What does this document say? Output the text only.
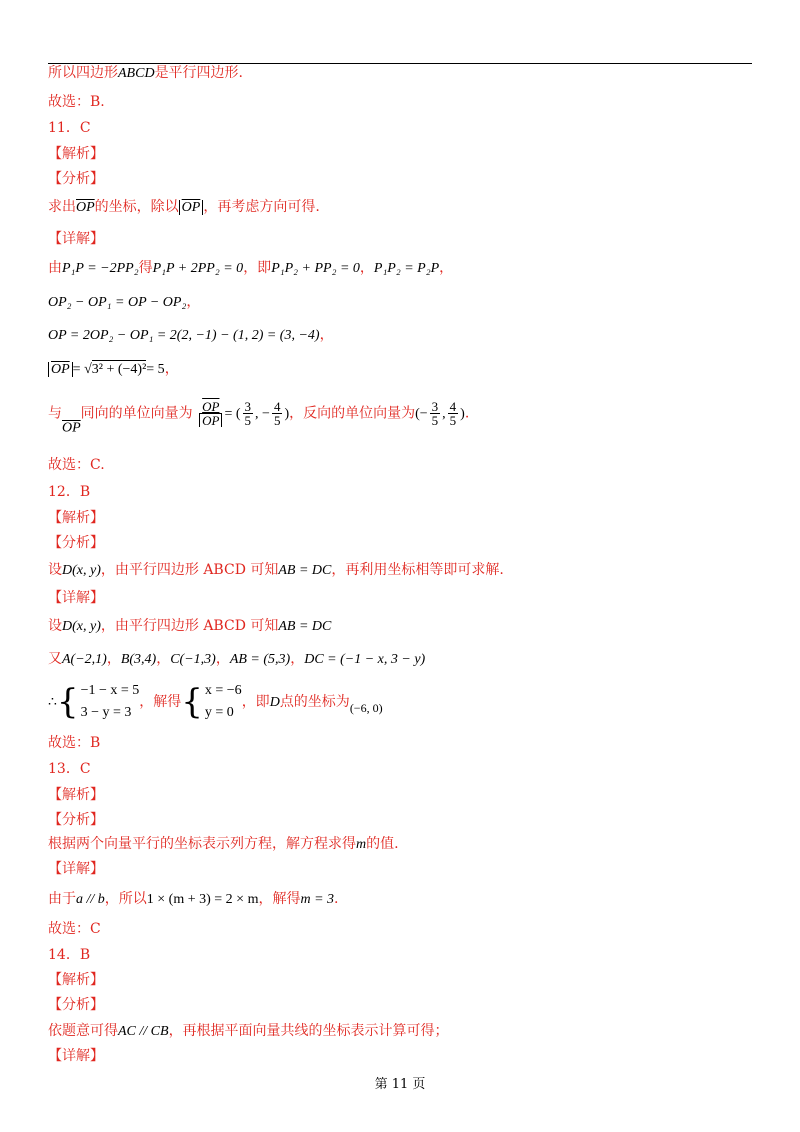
所以四边形ABCD是平行四边形.
故选：B.
11．C
【解析】
【分析】
求出$\overline{OP}$的坐标，除以 $\overline{OP}$ ，再考虑方向可得.
【详解】
由P₁P = −2PP₂得P₁P + 2PP₂ = 0，即P₁P₂ + PP₂ = 0，P₁P₂ = P₂P，
OP₂ − OP₁ = OP − OP₂，
OP = 2OP₂ − OP₁ = 2(2, −1) − (1, 2) = (3, −4)，
$\overline{OP} = √3^2 + (-4)^2= 5$，
与$\overline{OP}$同向的单位向量为 $\frac{\overline{OP}}{OP}$ = ( $\frac{3}{5}$ , − $\frac{4}{5}$ )，反向的单位向量为(− $\frac{3}{5}$ , $\frac{4}{5}$ ).
故选：C.
12．B
【解析】
【分析】
设D(x, y)，由平行四边形 ABCD 可知AB = DC，再利用坐标相等即可求解.
【详解】
设D(x, y)，由平行四边形 ABCD 可知AB = DC
又A(−2,1)，B(3,4)，C(−1,3)，AB = (5,3)，DC = (−1 − x, 3 − y)
∴{ −1 − x = 5
3 − y = 3
，解得{ x = −6
y = 0
，即D点的坐标为(−6, 0)
故选：B
13．C
【解析】
【分析】
根据两个向量平行的坐标表示列方程，解方程求得m的值.
【详解】
由于a // b，所以1 × (m + 3) = 2 × m，解得m = 3.
故选：C
14．B
【解析】
【分析】
依题意可得AC // CB，再根据平面向量共线的坐标表示计算可得；
【详解】
第 11 页
